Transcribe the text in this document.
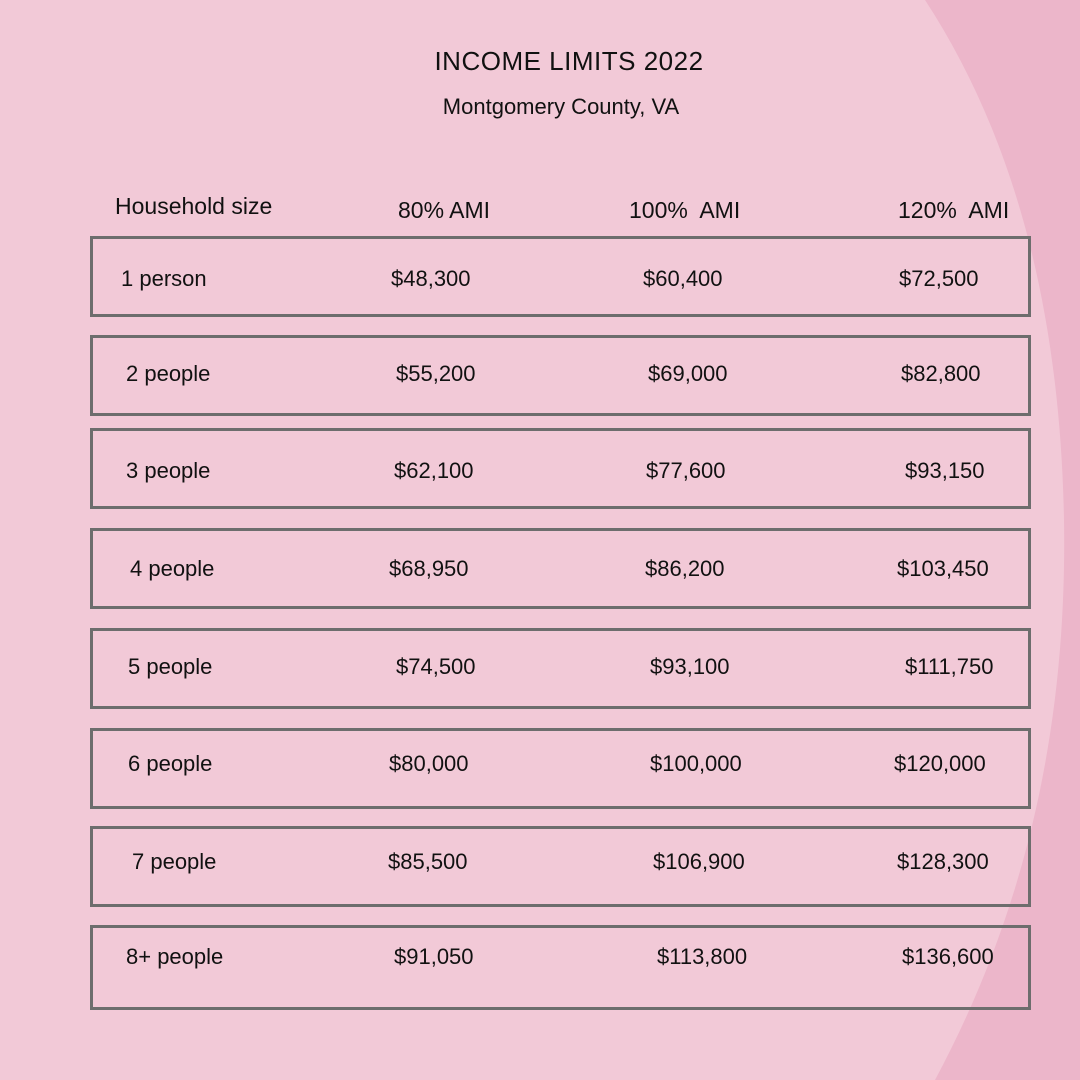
INCOME LIMITS 2022
Montgomery County, VA
Household size	80% AMI	100%  AMI	120%  AMI
1 person	$48,300	$60,400	$72,500
2 people	$55,200	$69,000	$82,800
3 people	$62,100	$77,600	$93,150
4 people	$68,950	$86,200	$103,450
5 people	$74,500	$93,100	$111,750
6 people	$80,000	$100,000	$120,000
7 people	$85,500	$106,900	$128,300
8+ people	$91,050	$113,800	$136,600
